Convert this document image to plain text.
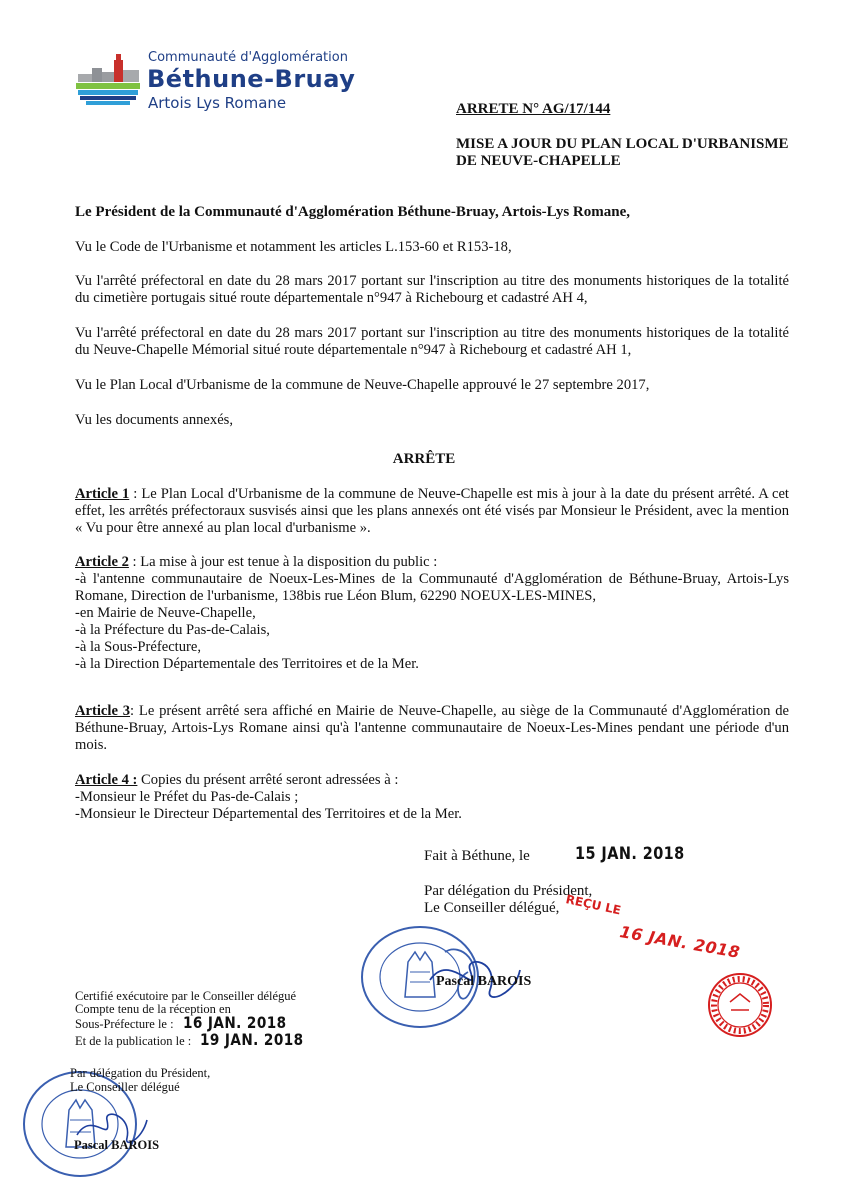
Communauté d'Agglomération
Béthune-Bruay
Artois Lys Romane	ARRETE N° AG/17/144
MISE A JOUR DU PLAN LOCAL D'URBANISME
DE NEUVE-CHAPELLE
Le Président de la Communauté d'Agglomération Béthune-Bruay, Artois-Lys Romane,
Vu le Code de l'Urbanisme et notamment les articles L.153-60 et R153-18,
Vu l'arrêté préfectoral en date du 28 mars 2017 portant sur l'inscription au titre des monuments historiques de la totalité du cimetière portugais situé route départementale n°947 à Richebourg et cadastré AH 4,
Vu l'arrêté préfectoral en date du 28 mars 2017 portant sur l'inscription au titre des monuments historiques de la totalité du Neuve-Chapelle Mémorial situé route départementale n°947 à Richebourg et cadastré AH 1,
Vu le Plan Local d'Urbanisme de la commune de Neuve-Chapelle approuvé le 27 septembre 2017,
Vu les documents annexés,
ARRÊTE
Article 1 : Le Plan Local d'Urbanisme de la commune de Neuve-Chapelle est mis à jour à la date du présent arrêté. A cet effet, les arrêtés préfectoraux susvisés ainsi que les plans annexés ont été visés par Monsieur le Président, avec la mention « Vu pour être annexé au plan local d'urbanisme ».
Article 2 : La mise à jour est tenue à la disposition du public :
-à l'antenne communautaire de Noeux-Les-Mines de la Communauté d'Agglomération de Béthune-Bruay, Artois-Lys Romane, Direction de l'urbanisme, 138bis rue Léon Blum, 62290 NOEUX-LES-MINES,
-en Mairie de Neuve-Chapelle,
-à la Préfecture du Pas-de-Calais,
-à la Sous-Préfecture,
-à la Direction Départementale des Territoires et de la Mer.
Article 3: Le présent arrêté sera affiché en Mairie de Neuve-Chapelle, au siège de la Communauté d'Agglomération de Béthune-Bruay, Artois-Lys Romane ainsi qu'à l'antenne communautaire de Noeux-Les-Mines pendant une période d'un mois.
Article 4 : Copies du présent arrêté seront adressées à :
-Monsieur le Préfet du Pas-de-Calais ;
-Monsieur le Directeur Départemental des Territoires et de la Mer.
Fait à Béthune, le	15 JAN. 2018
Par délégation du Président,
Le Conseiller délégué, REÇU LE
16 JAN. 2018
Pascal BAROIS
Certifié exécutoire par le Conseiller délégué
Compte tenu de la réception en
Sous-Préfecture le : 16 JAN. 2018
Et de la publication le : 19 JAN. 2018
Par délégation du Président,
Le Conseiller délégué
Pascal BAROIS
